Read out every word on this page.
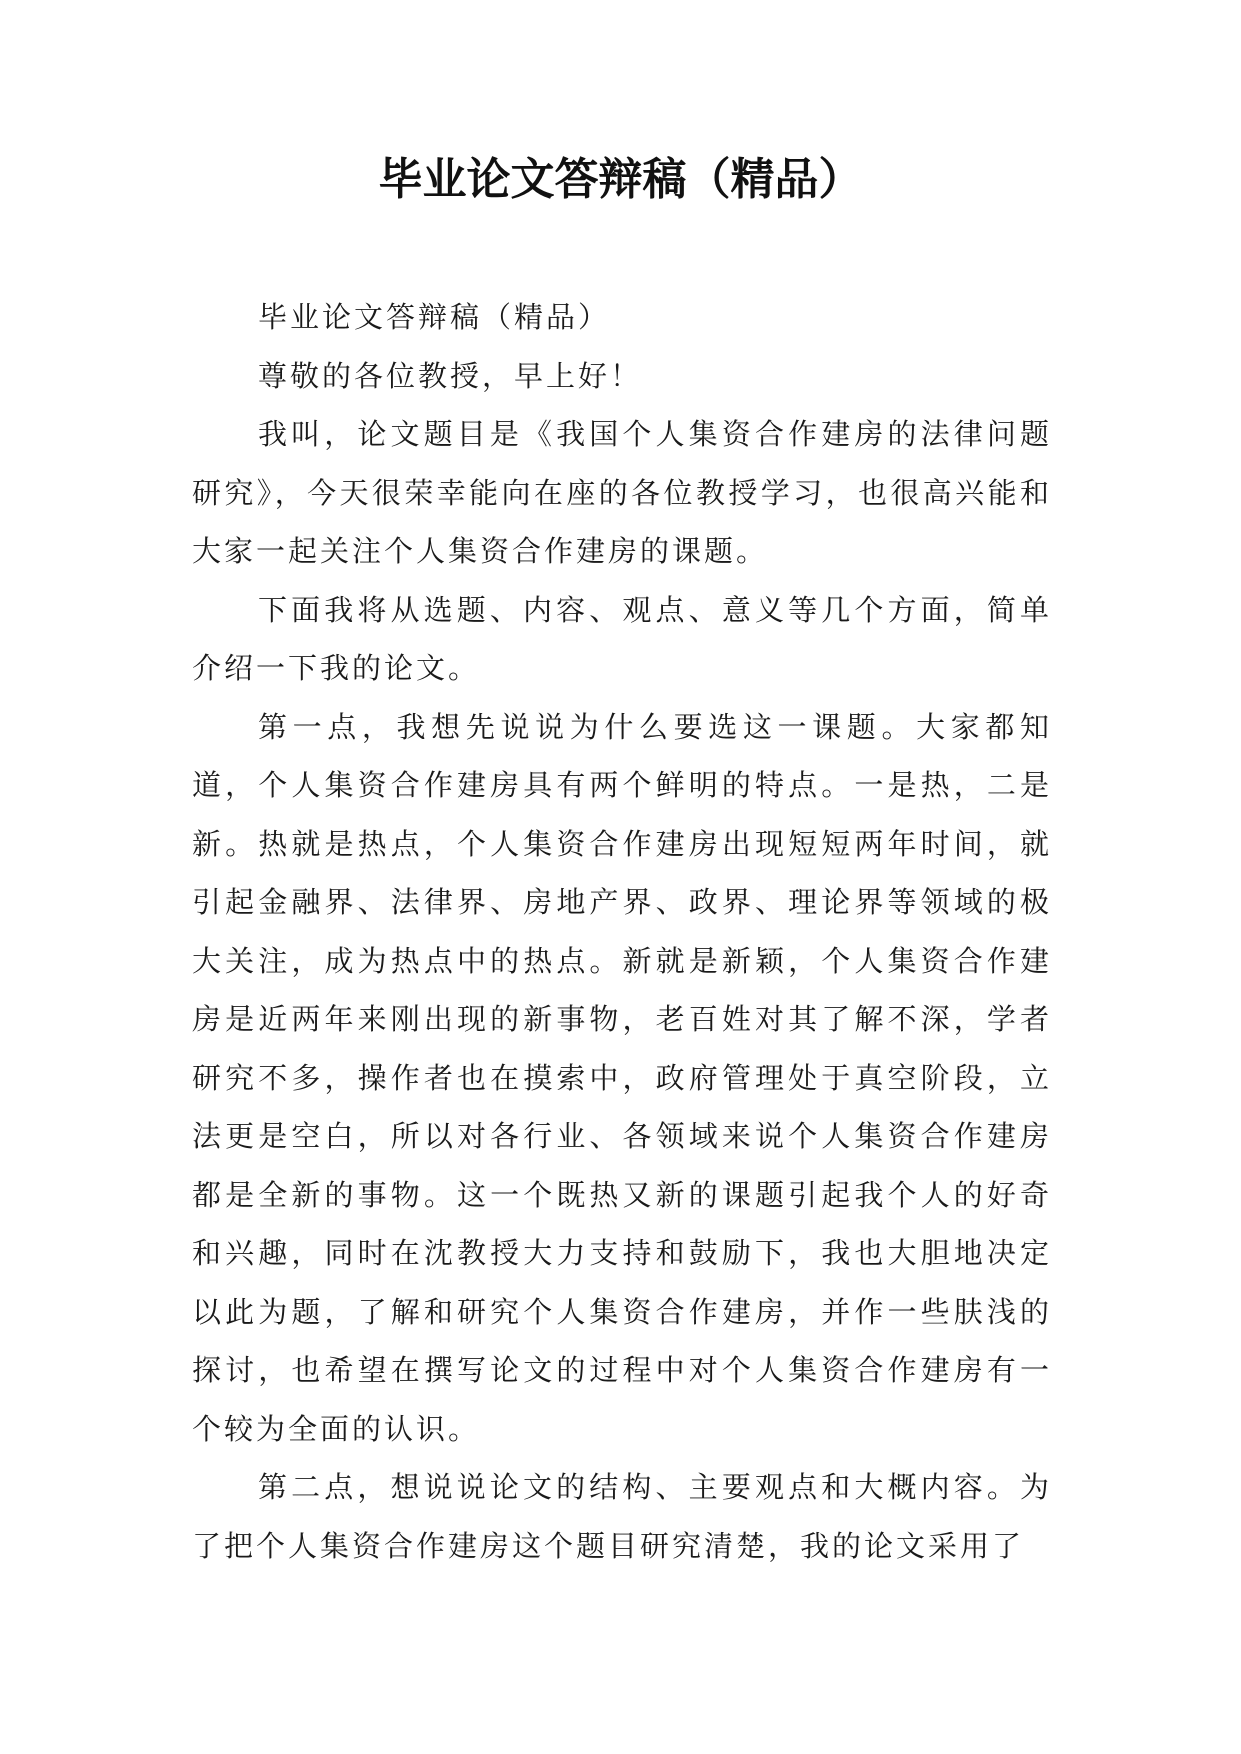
毕业论文答辩稿（精品）

毕业论文答辩稿（精品）

尊敬的各位教授，早上好！

我叫，论文题目是《我国个人集资合作建房的法律问题研究》，今天很荣幸能向在座的各位教授学习，也很高兴能和大家一起关注个人集资合作建房的课题。

下面我将从选题、内容、观点、意义等几个方面，简单介绍一下我的论文。

第一点，我想先说说为什么要选这一课题。大家都知道，个人集资合作建房具有两个鲜明的特点。一是热，二是新。热就是热点，个人集资合作建房出现短短两年时间，就引起金融界、法律界、房地产界、政界、理论界等领域的极大关注，成为热点中的热点。新就是新颖，个人集资合作建房是近两年来刚出现的新事物，老百姓对其了解不深，学者研究不多，操作者也在摸索中，政府管理处于真空阶段，立法更是空白，所以对各行业、各领域来说个人集资合作建房都是全新的事物。这一个既热又新的课题引起我个人的好奇和兴趣，同时在沈教授大力支持和鼓励下，我也大胆地决定以此为题，了解和研究个人集资合作建房，并作一些肤浅的探讨，也希望在撰写论文的过程中对个人集资合作建房有一个较为全面的认识。

第二点，想说说论文的结构、主要观点和大概内容。为了把个人集资合作建房这个题目研究清楚，我的论文采用了
